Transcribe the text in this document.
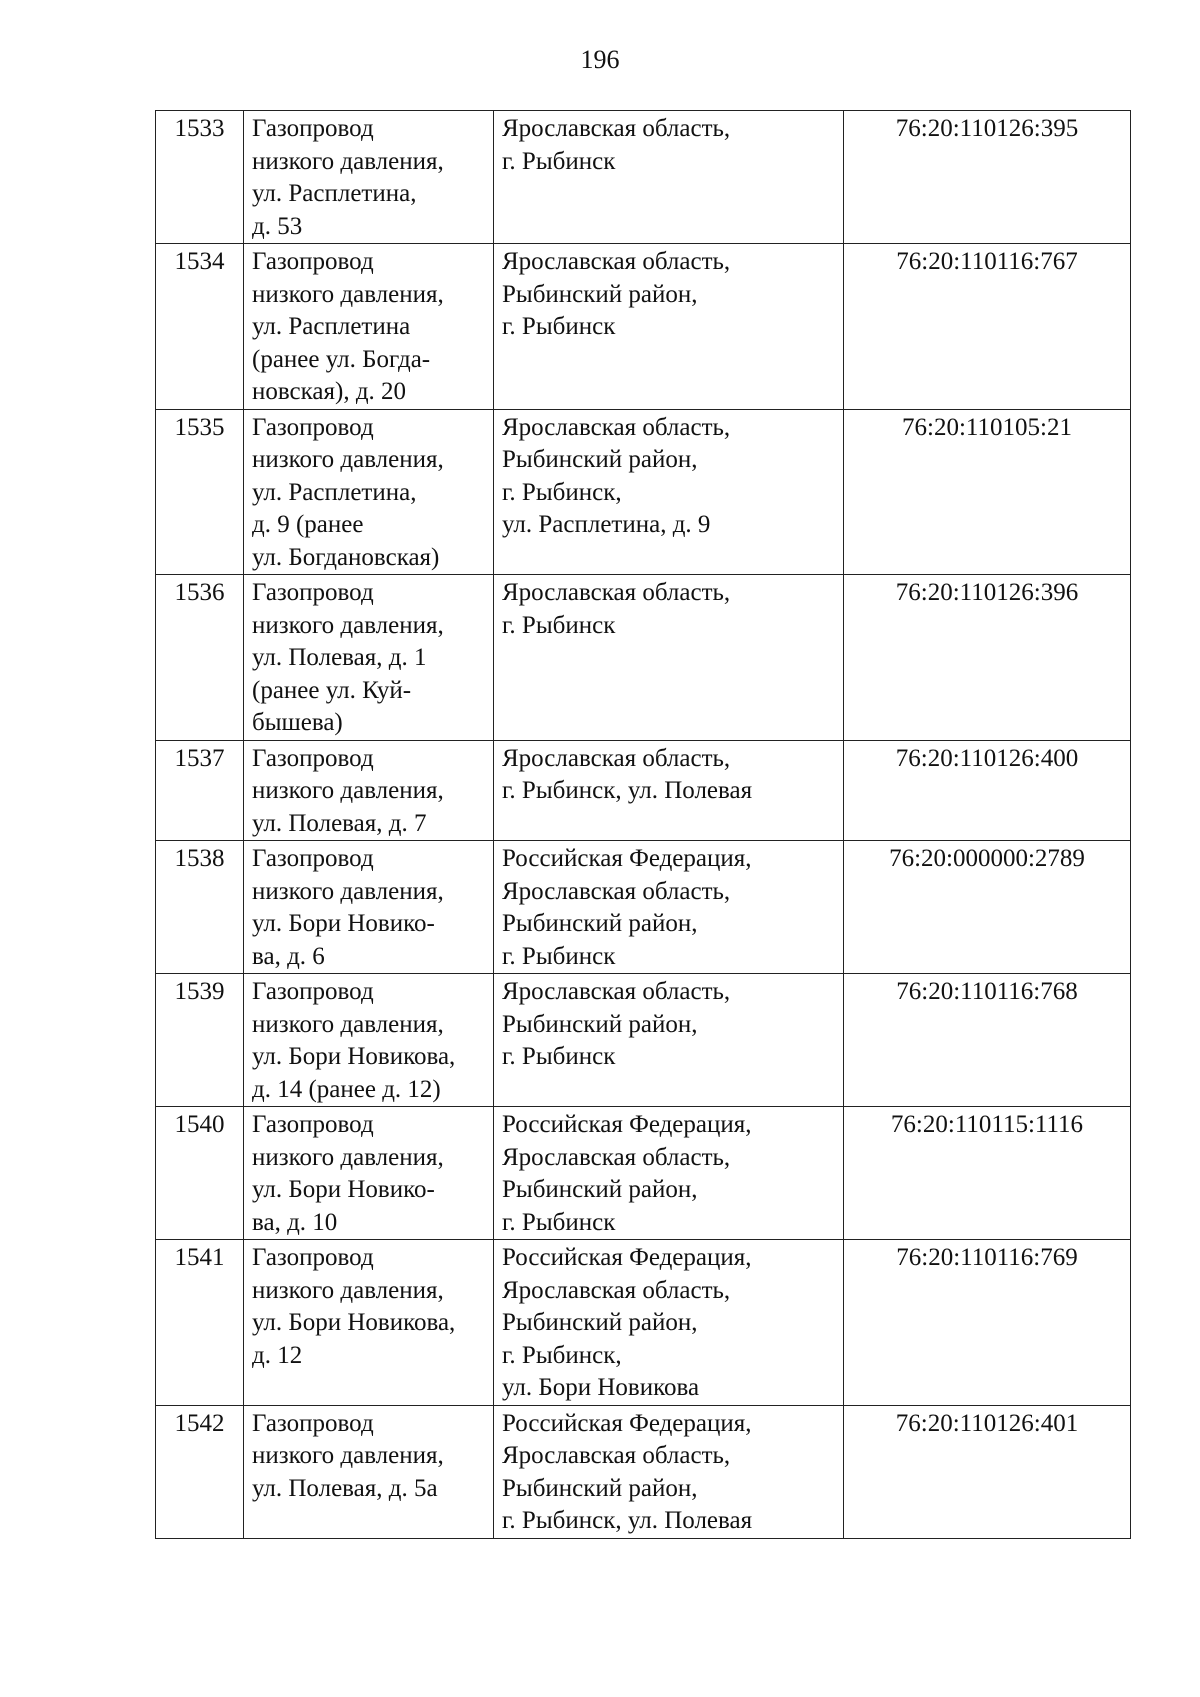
196
1533	Газопровод
низкого давления,
ул. Расплетина,
д. 53	Ярославская область,
г. Рыбинск	76:20:110126:395

1534	Газопровод
низкого давления,
ул. Расплетина
(ранее ул. Богда-
новская), д. 20	Ярославская область,
Рыбинский район,
г. Рыбинск	76:20:110116:767

1535	Газопровод
низкого давления,
ул. Расплетина,
д. 9 (ранее
ул. Богдановская)	Ярославская область,
Рыбинский район,
г. Рыбинск,
ул. Расплетина, д. 9	76:20:110105:21

1536	Газопровод
низкого давления,
ул. Полевая, д. 1
(ранее ул. Куй-
бышева)	Ярославская область,
г. Рыбинск	76:20:110126:396

1537	Газопровод
низкого давления,
ул. Полевая, д. 7	Ярославская область,
г. Рыбинск, ул. Полевая	76:20:110126:400

1538	Газопровод
низкого давления,
ул. Бори Новико-
ва, д. 6	Российская Федерация,
Ярославская область,
Рыбинский район,
г. Рыбинск	76:20:000000:2789

1539	Газопровод
низкого давления,
ул. Бори Новикова,
д. 14 (ранее д. 12)	Ярославская область,
Рыбинский район,
г. Рыбинск	76:20:110116:768

1540	Газопровод
низкого давления,
ул. Бори Новико-
ва, д. 10	Российская Федерация,
Ярославская область,
Рыбинский район,
г. Рыбинск	76:20:110115:1116

1541	Газопровод
низкого давления,
ул. Бори Новикова,
д. 12	Российская Федерация,
Ярославская область,
Рыбинский район,
г. Рыбинск,
ул. Бори Новикова	76:20:110116:769

1542	Газопровод
низкого давления,
ул. Полевая, д. 5а	Российская Федерация,
Ярославская область,
Рыбинский район,
г. Рыбинск, ул. Полевая	76:20:110126:401
